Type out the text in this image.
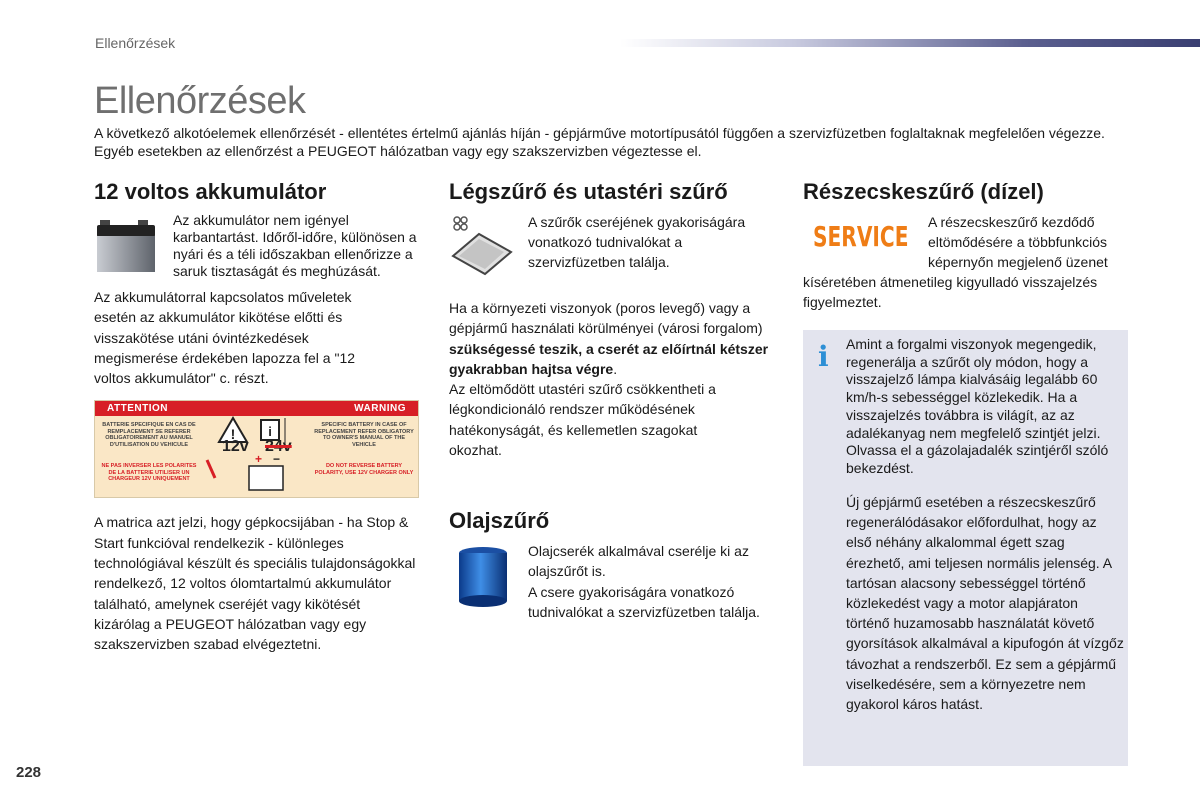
Ellenőrzések
Ellenőrzések

A következő alkotóelemek ellenőrzését - ellentétes értelmű ajánlás híján - gépjárműve motortípusától függően a szervizfüzetben foglaltaknak megfelelően végezze.

Egyéb esetekben az ellenőrzést a PEUGEOT hálózatban vagy egy szakszervizben végeztesse el.

12 voltos akkumulátor
Az akkumulátor nem igényel karbantartást. Időről-időre, különösen a nyári és a téli időszakban ellenőrizze a saruk tisztaságát és meghúzását.

Az akkumulátorral kapcsolatos műveletek esetén az akkumulátor kikötése előtti és visszakötése utáni óvintézkedések megismerése érdekében lapozza fel a "12 voltos akkumulátor" c. részt.

ATTENTION	WARNING
BATTERIE SPECIFIQUE EN CAS DE REMPLACEMENT SE REFERER OBLIGATOIREMENT AU MANUEL D'UTILISATION DU VEHICULE
SPECIFIC BATTERY IN CASE OF REPLACEMENT REFER OBLIGATORY TO OWNER'S MANUAL OF THE VEHICLE
NE PAS INVERSER LES POLARITES DE LA BATTERIE UTILISER UN CHARGEUR 12V UNIQUEMENT
DO NOT REVERSE BATTERY POLARITY, USE 12V CHARGER ONLY
!	i
+ −
12v 24v

A matrica azt jelzi, hogy gépkocsijában - ha Stop & Start funkcióval rendelkezik - különleges technológiával készült és speciális tulajdonságokkal rendelkező, 12 voltos ólomtartalmú akkumulátor található, amelynek cseréjét vagy kikötését kizárólag a PEUGEOT hálózatban vagy egy szakszervizben szabad elvégeztetni.

Légszűrő és utastéri szűrő
A szűrők cseréjének gyakoriságára vonatkozó tudnivalókat a szervizfüzetben találja.

Ha a környezeti viszonyok (poros levegő) vagy a gépjármű használati körülményei (városi forgalom) szükségessé teszik, a cserét az előírtnál kétszer gyakrabban hajtsa végre.

Az eltömődött utastéri szűrő csökkentheti a légkondicionáló rendszer működésének hatékonyságát, és kellemetlen szagokat okozhat.

Olajszűrő

Olajcserék alkalmával cserélje ki az olajszűrőt is.

A csere gyakoriságára vonatkozó tudnivalókat a szervizfüzetben találja.

Részecskeszűrő (dízel)
SERVICE A részecskeszűrő kezdődő eltömődésére a többfunkciós képernyőn megjelenő üzenet

kíséretében átmenetileg kigyulladó visszajelzés figyelmeztet.

i Amint a forgalmi viszonyok megengedik, regenerálja a szűrőt oly módon, hogy a visszajelző lámpa kialvásáig legalább 60 km/h-s sebességgel közlekedik. Ha a visszajelzés továbbra is világít, az az adalékanyag nem megfelelő szintjét jelzi. Olvassa el a gázolajadalék szintjéről szóló bekezdést.

Új gépjármű esetében a részecskeszűrő regenerálódásakor előfordulhat, hogy az első néhány alkalommal égett szag érezhető, ami teljesen normális jelenség. A tartósan alacsony sebességgel történő közlekedést vagy a motor alapjáraton történő huzamosabb használatát követő gyorsítások alkalmával a kipufogón át vízgőz távozhat a rendszerből. Ez sem a gépjármű viselkedésére, sem a környezetre nem gyakorol káros hatást.

228
